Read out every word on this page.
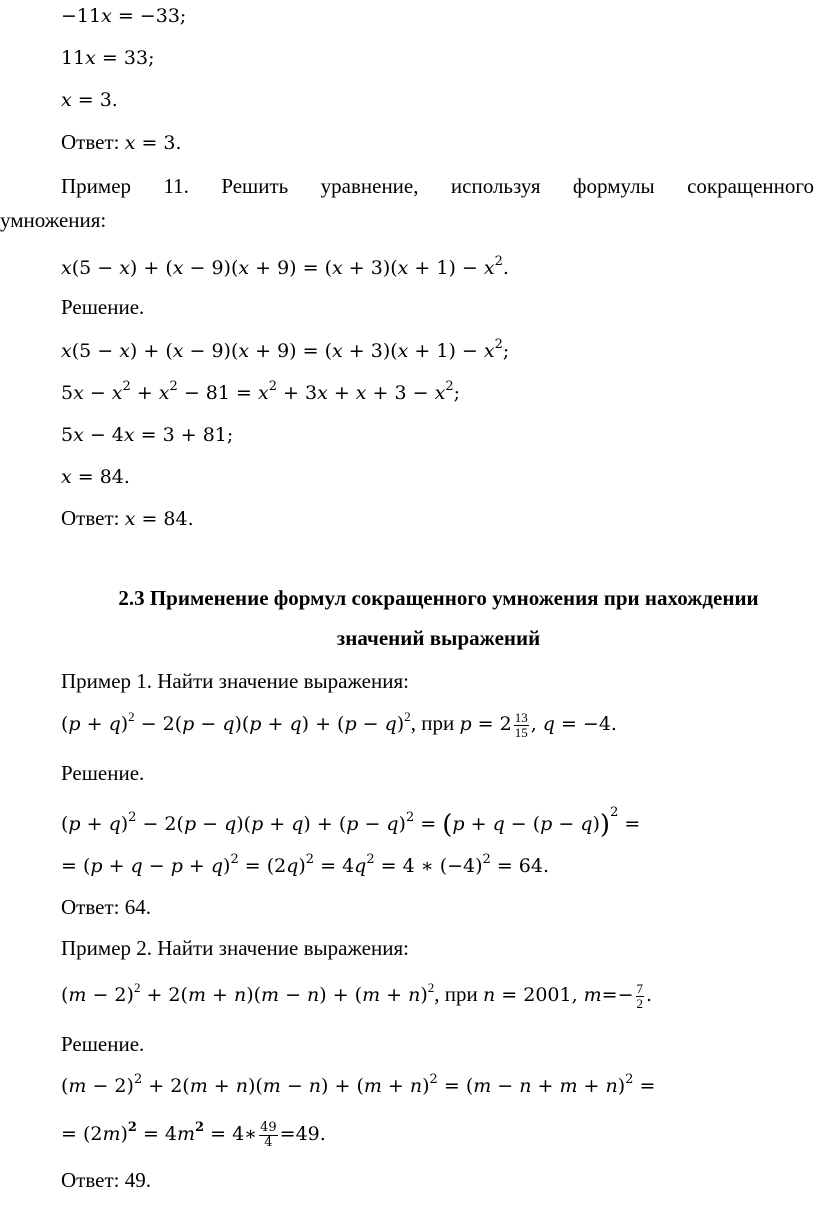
−11𝑥 = −33;
11𝑥 = 33;
𝑥 = 3.
Ответ: 𝑥 = 3.
Пример 11. Решить уравнение, используя формулы сокращенного
умножения:
𝑥(5 − 𝑥) + (𝑥 − 9)(𝑥 + 9) = (𝑥 + 3)(𝑥 + 1) − 𝑥$^2$.
Решение.
𝑥(5 − 𝑥) + (𝑥 − 9)(𝑥 + 9) = (𝑥 + 3)(𝑥 + 1) − 𝑥$^2$;
5𝑥 − 𝑥$^2$ + 𝑥$^2$ − 81 = 𝑥$^2$ + 3𝑥 + 𝑥 + 3 − 𝑥$^2$;
5𝑥 − 4𝑥 = 3 + 81;
𝑥 = 84.
Ответ: 𝑥 = 84.
2.3 Применение формул сокращенного умножения при нахождении
значений выражений
Пример 1. Найти значение выражения:
(𝑝 + 𝑞)$^2$ − 2(𝑝 − 𝑞)(𝑝 + 𝑞) + (𝑝 − 𝑞)$^2$, при 𝑝 = $2 \frac{13}{15}$ , 𝑞 = −4.
Решение.
(𝑝 + 𝑞)$^2$ − 2(𝑝 − 𝑞)(𝑝 + 𝑞) + (𝑝 − 𝑞)$^2$ = (𝑝 + 𝑞 − (𝑝 − 𝑞))$^2$ =
= (𝑝 + 𝑞 − 𝑝 + 𝑞)$^2$ = (2𝑞)$^2$ = 4𝑞$^2$ = 4 ∗ $(-4)^2 = 64$.
Ответ: 64.
Пример 2. Найти значение выражения:
(𝑚 − 2)$^2$ + 2(𝑚 + 𝑛)(𝑚 − 𝑛) + (𝑚 + 𝑛)$^2$, при 𝑛 = 2001, 𝑚=− $\frac{7}{2}$ .
Решение.
(𝑚 − 2)$^2$ + 2(𝑚 + 𝑛)(𝑚 − 𝑛) + (𝑚 + 𝑛)$^2$ = (𝑚 − 𝑛 + 𝑚 + 𝑛)$^2$ =
= (2𝑚)$^𝟐$ = 4𝑚$^𝟐$ = 4∗ $\frac{49}{4} =49$.
Ответ: 49.
